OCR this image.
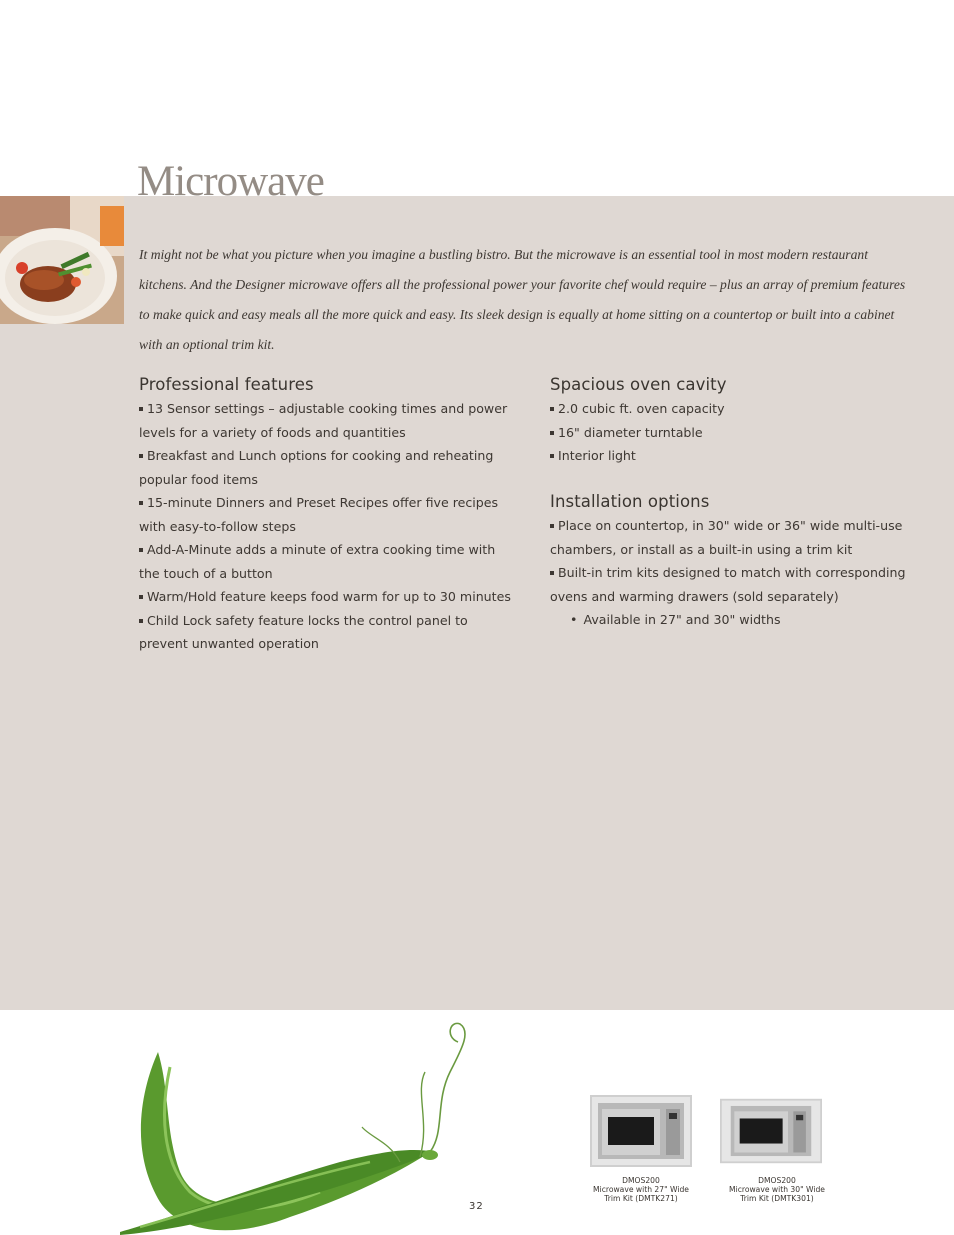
Microwave

It might not be what you picture when you imagine a bustling bistro. But the microwave is an essential tool in most modern restaurant kitchens. And the Designer microwave offers all the professional power your favorite chef would require – plus an array of premium features to make quick and easy meals all the more quick and easy. Its sleek design is equally at home sitting on a countertop or built into a cabinet with an optional trim kit.

Professional features
13 Sensor settings – adjustable cooking times and power levels for a variety of foods and quantities
Breakfast and Lunch options for cooking and reheating popular food items
15-minute Dinners and Preset Recipes offer five recipes with easy-to-follow steps
Add-A-Minute adds a minute of extra cooking time with the touch of a button
Warm/Hold feature keeps food warm for up to 30 minutes
Child Lock safety feature locks the control panel to prevent unwanted operation
Spacious oven cavity
2.0 cubic ft. oven capacity
16" diameter turntable
Interior light
Installation options
Place on countertop, in 30" wide or 36" wide multi-use chambers, or install as a built-in using a trim kit
Built-in trim kits designed to match with corresponding ovens and warming drawers (sold separately)
• Available in 27" and 30" widths
32
DMOS200
Microwave with 27" Wide
Trim Kit (DMTK271)
DMOS200
Microwave with 30" Wide
Trim Kit (DMTK301)
